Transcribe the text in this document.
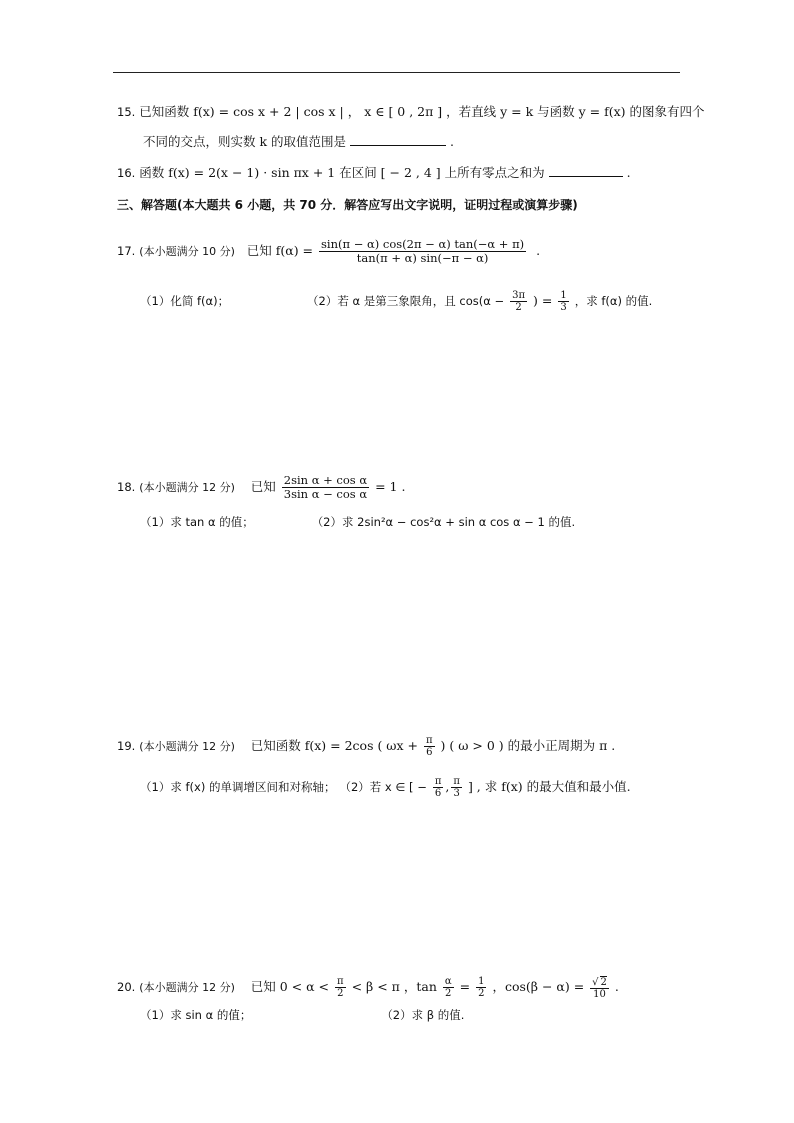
15. 已知函数 f(x) = cos x + 2 | cos x | ， x ∈ [ 0 , 2π ] ，若直线 y = k 与函数 y = f(x) 的图象有四个
不同的交点，则实数 k 的取值范围是	.
16. 函数 f(x) = 2(x − 1) · sin πx + 1 在区间 [ − 2 , 4 ] 上所有零点之和为	.
三、解答题(本大题共 6 小题，共 70 分．解答应写出文字说明，证明过程或演算步骤)
17. (本小题满分 10 分) 已知 $f(\alpha) = \frac{\sin(\pi - \alpha) \cos(2\pi - \alpha) \tan(-\alpha + \pi)}{\tan(\pi + \alpha) \sin(-\pi - \alpha)}$ .
（1）化简 f(α)；	（2）若 α 是第三象限角，且 $\cos(\alpha - \frac{3\pi}{2}$ ) = $\frac{1}{3}$ ，求 f(α) 的值.
18. (本小题满分 12 分) 已知 $\frac{\text{2sin α + cos α}}{\text{3sin α − cos α}} = 1$ .
（1）求 tan α 的值；	（2）求 2sin²α − cos²α + sin α cos α − 1 的值.
19. (本小题满分 12 分) 已知函数 f(x) = 2cos ( $\omega x + \frac{\pi}{6}$ ) ( ω > 0 ) 的最小正周期为 π .
（1）求 f(x) 的单调增区间和对称轴； （2）若 x ∈ [ − $\frac{\pi}{6}$ , $\frac{\pi}{3}$ ] , 求 f(x) 的最大值和最小值.
20. (本小题满分 12 分) 已知 $0 < \alpha < \frac{\pi}{2} < \beta < \pi$ ，$\tan \frac{\alpha}{2} = \frac{1}{2}$ ，$\cos(\beta - \alpha) = \frac{√ 2}{10}$ .
（1）求 sin α 的值；	（2）求 β 的值.
